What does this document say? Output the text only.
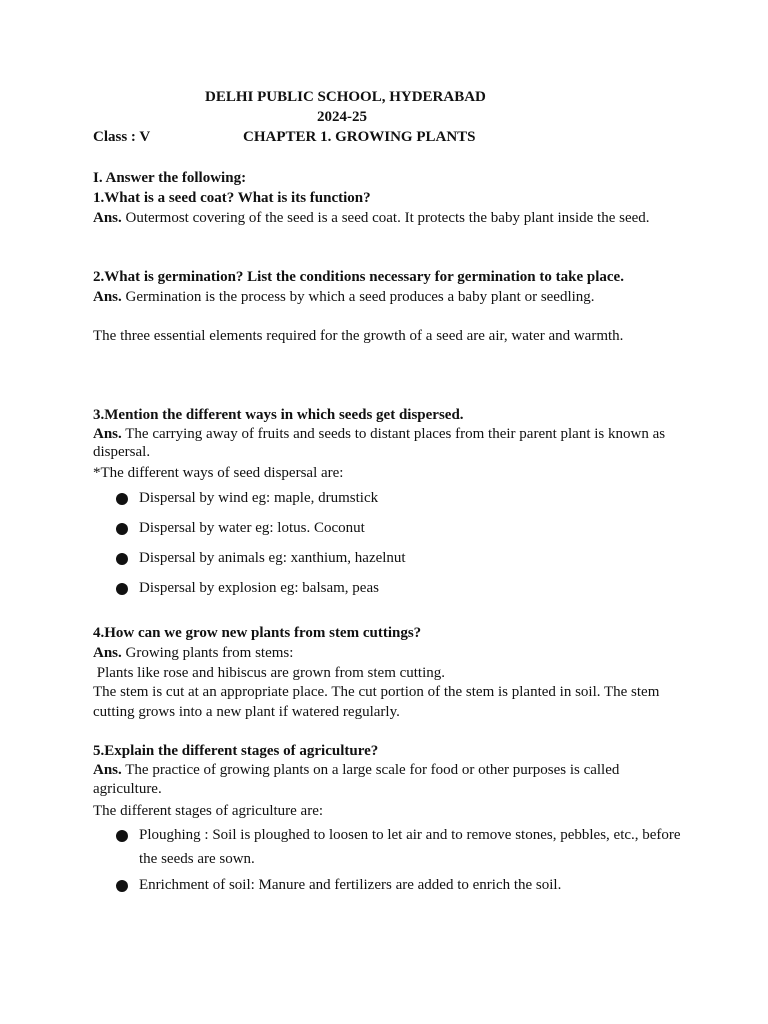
DELHI PUBLIC SCHOOL, HYDERABAD
2024-25
Class : V	CHAPTER 1. GROWING PLANTS
I. Answer the following:
1.What is a seed coat? What is its function?

Ans. Outermost covering of the seed is a seed coat. It protects the baby plant inside the seed.

2.What is germination? List the conditions necessary for germination to take place.

Ans. Germination is the process by which a seed produces a baby plant or seedling.

The three essential elements required for the growth of a seed are air, water and warmth.

3.Mention the different ways in which seeds get dispersed.

Ans. The carrying away of fruits and seeds to distant places from their parent plant is known as dispersal.

*The different ways of seed dispersal are:
Dispersal by wind eg: maple, drumstick
Dispersal by water eg: lotus. Coconut
Dispersal by animals eg: xanthium, hazelnut
Dispersal by explosion eg: balsam, peas
4.How can we grow new plants from stem cuttings?

Ans. Growing plants from stems:

Plants like rose and hibiscus are grown from stem cutting.

The stem is cut at an appropriate place. The cut portion of the stem is planted in soil. The stem cutting grows into a new plant if watered regularly.

5.Explain the different stages of agriculture?

Ans. The practice of growing plants on a large scale for food or other purposes is called agriculture.

The different stages of agriculture are:
Ploughing : Soil is ploughed to loosen to let air and to remove stones, pebbles, etc., before the seeds are sown.
Enrichment of soil: Manure and fertilizers are added to enrich the soil.
